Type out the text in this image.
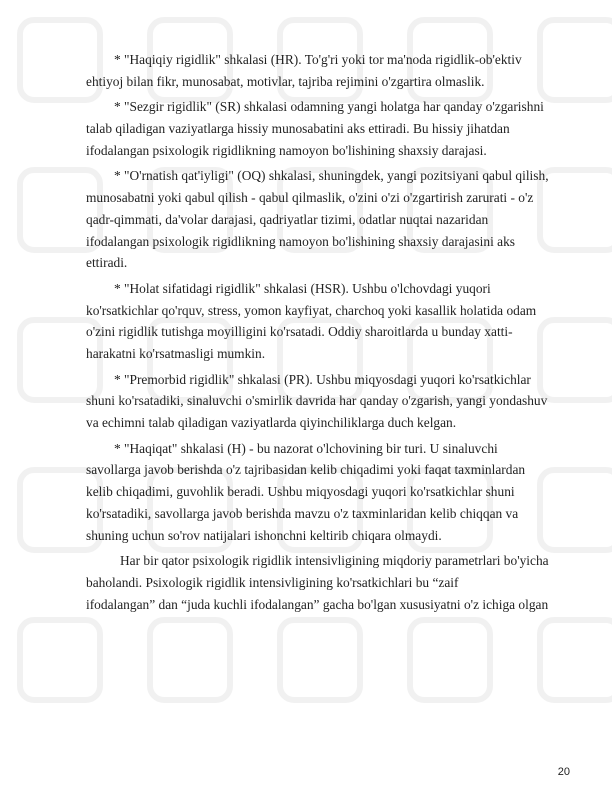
* "Haqiqiy rigidlik" shkalasi (HR). To'g'ri yoki tor ma'noda rigidlik-ob'ektiv
ehtiyoj bilan fikr, munosabat, motivlar, tajriba rejimini o'zgartira olmaslik.

* "Sezgir rigidlik" (SR) shkalasi odamning yangi holatga har qanday o'zgarishni
talab qiladigan vaziyatlarga hissiy munosabatini aks ettiradi. Bu hissiy jihatdan
ifodalangan psixologik rigidlikning namoyon bo'lishining shaxsiy darajasi.

* "O'rnatish qat'iyligi" (OQ) shkalasi, shuningdek, yangi pozitsiyani qabul qilish,
munosabatni yoki qabul qilish - qabul qilmaslik, o'zini o'zi o'zgartirish zarurati - o'z
qadr-qimmati, da'volar darajasi, qadriyatlar tizimi, odatlar nuqtai nazaridan
ifodalangan psixologik rigidlikning namoyon bo'lishining shaxsiy darajasini aks
ettiradi.

* "Holat sifatidagi rigidlik" shkalasi (HSR). Ushbu o'lchovdagi yuqori
ko'rsatkichlar qo'rquv, stress, yomon kayfiyat, charchoq yoki kasallik holatida odam
o'zini rigidlik tutishga moyilligini ko'rsatadi. Oddiy sharoitlarda u bunday xatti-
harakatni ko'rsatmasligi mumkin.

* "Premorbid rigidlik" shkalasi (PR). Ushbu miqyosdagi yuqori ko'rsatkichlar
shuni ko'rsatadiki, sinaluvchi o'smirlik davrida har qanday o'zgarish, yangi yondashuv
va echimni talab qiladigan vaziyatlarda qiyinchiliklarga duch kelgan.

* "Haqiqat" shkalasi (H) - bu nazorat o'lchovining bir turi. U sinaluvchi
savollarga javob berishda o'z tajribasidan kelib chiqadimi yoki faqat taxminlardan
kelib chiqadimi, guvohlik beradi. Ushbu miqyosdagi yuqori ko'rsatkichlar shuni
ko'rsatadiki, savollarga javob berishda mavzu o'z taxminlaridan kelib chiqqan va
shuning uchun so'rov natijalari ishonchni keltirib chiqara olmaydi.

Har bir qator psixologik rigidlik intensivligining miqdoriy parametrlari bo'yicha
baholandi. Psixologik rigidlik intensivligining ko'rsatkichlari bu “zaif
ifodalangan” dan “juda kuchli ifodalangan” gacha bo'lgan xususiyatni o'z ichiga olgan

20
